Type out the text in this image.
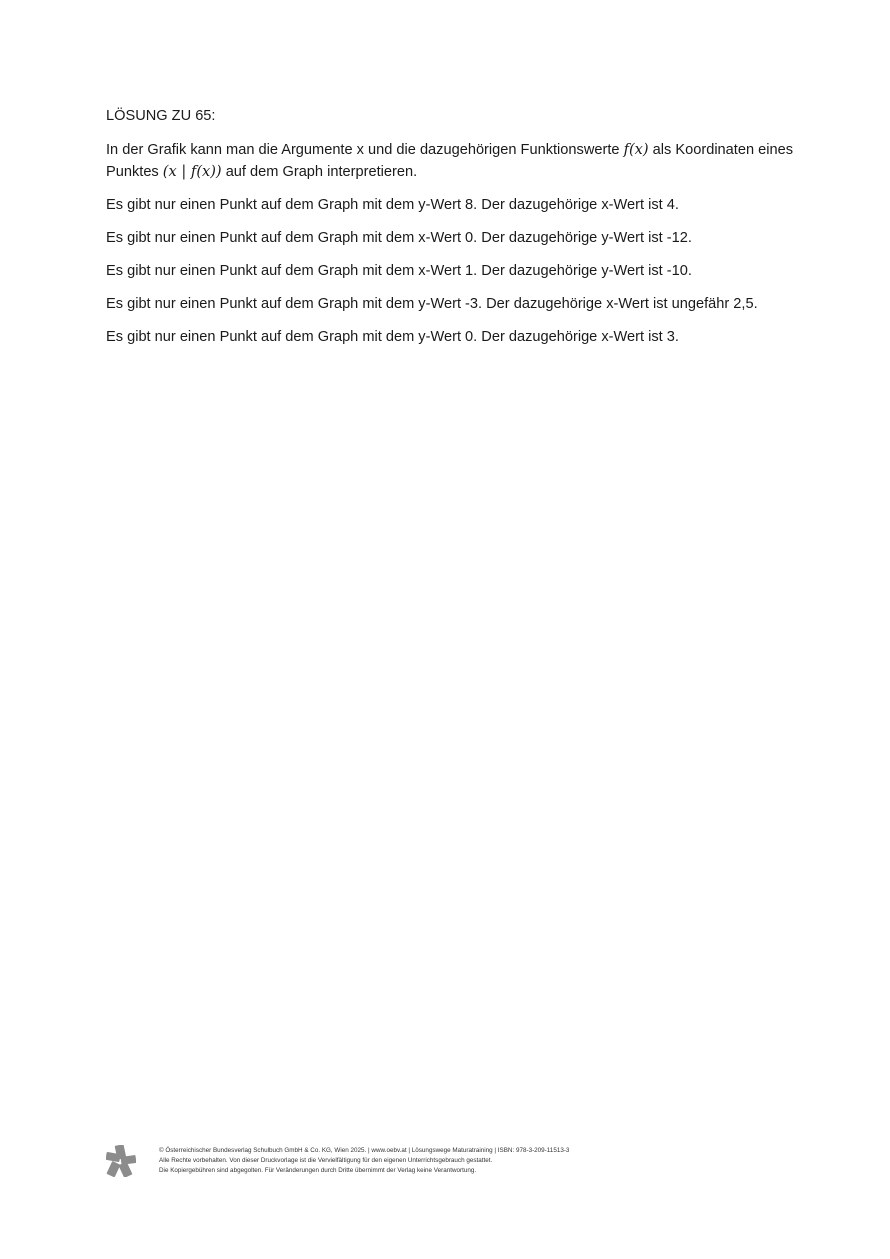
LÖSUNG ZU 65:

In der Grafik kann man die Argumente x und die dazugehörigen Funktionswerte f(x) als Koordinaten eines Punktes (x | f(x)) auf dem Graph interpretieren.

Es gibt nur einen Punkt auf dem Graph mit dem y-Wert 8. Der dazugehörige x-Wert ist 4.

Es gibt nur einen Punkt auf dem Graph mit dem x-Wert 0. Der dazugehörige y-Wert ist -12.

Es gibt nur einen Punkt auf dem Graph mit dem x-Wert 1. Der dazugehörige y-Wert ist -10.

Es gibt nur einen Punkt auf dem Graph mit dem y-Wert -3. Der dazugehörige x-Wert ist ungefähr 2,5.

Es gibt nur einen Punkt auf dem Graph mit dem y-Wert 0. Der dazugehörige x-Wert ist 3.

© Österreichischer Bundesverlag Schulbuch GmbH & Co. KG, Wien 2025. | www.oebv.at | Lösungswege Maturatraining | ISBN: 978-3-209-11513-3
Alle Rechte vorbehalten. Von dieser Druckvorlage ist die Vervielfältigung für den eigenen Unterrichtsgebrauch gestattet.
Die Kopiergebühren sind abgegolten. Für Veränderungen durch Dritte übernimmt der Verlag keine Verantwortung.
